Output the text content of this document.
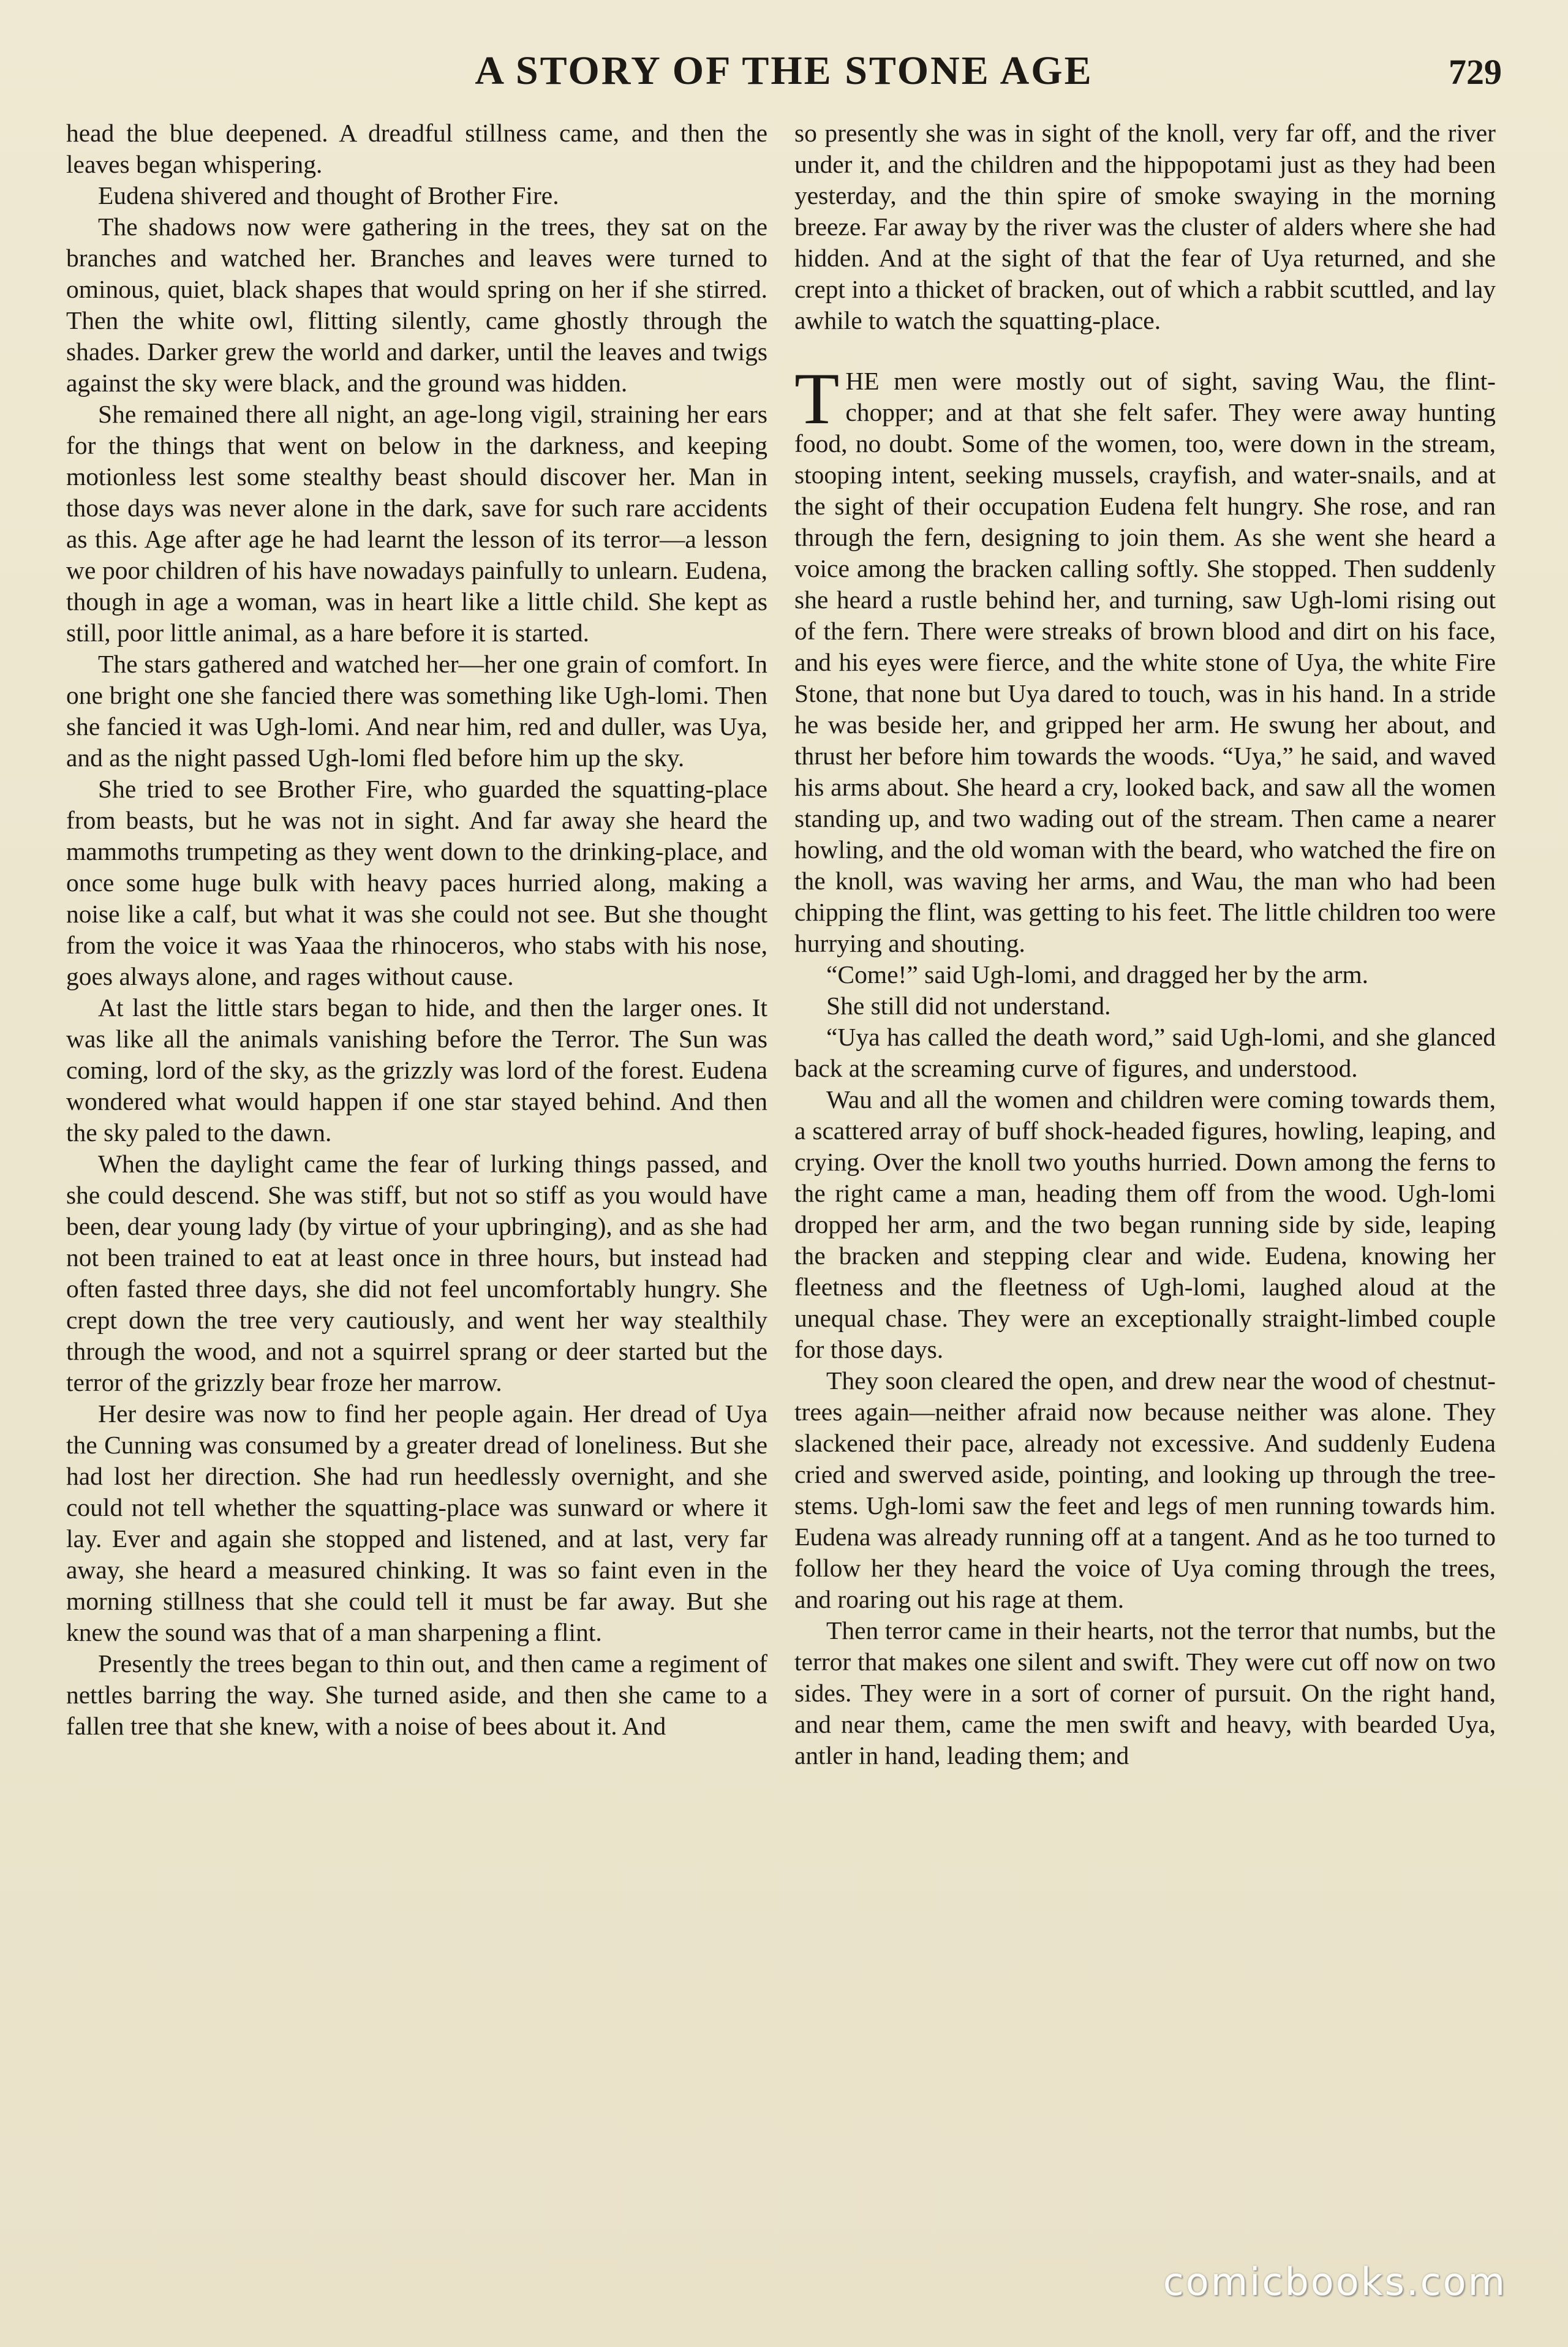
A STORY OF THE STONE AGE	729

head the blue deepened. A dreadful stillness came, and then the leaves began whispering.

Eudena shivered and thought of Brother Fire.

The shadows now were gathering in the trees, they sat on the branches and watched her. Branches and leaves were turned to ominous, quiet, black shapes that would spring on her if she stirred. Then the white owl, flitting silently, came ghostly through the shades. Darker grew the world and darker, until the leaves and twigs against the sky were black, and the ground was hidden.

She remained there all night, an age-long vigil, straining her ears for the things that went on below in the darkness, and keeping motionless lest some stealthy beast should discover her. Man in those days was never alone in the dark, save for such rare accidents as this. Age after age he had learnt the lesson of its terror—a lesson we poor children of his have nowadays painfully to unlearn. Eudena, though in age a woman, was in heart like a little child. She kept as still, poor little animal, as a hare before it is started.

The stars gathered and watched her—her one grain of comfort. In one bright one she fancied there was something like Ugh-lomi. Then she fancied it was Ugh-lomi. And near him, red and duller, was Uya, and as the night passed Ugh-lomi fled before him up the sky.

She tried to see Brother Fire, who guarded the squatting-place from beasts, but he was not in sight. And far away she heard the mammoths trumpeting as they went down to the drinking-place, and once some huge bulk with heavy paces hurried along, making a noise like a calf, but what it was she could not see. But she thought from the voice it was Yaaa the rhinoceros, who stabs with his nose, goes always alone, and rages without cause.

At last the little stars began to hide, and then the larger ones. It was like all the animals vanishing before the Terror. The Sun was coming, lord of the sky, as the grizzly was lord of the forest. Eudena wondered what would happen if one star stayed behind. And then the sky paled to the dawn.

When the daylight came the fear of lurking things passed, and she could descend. She was stiff, but not so stiff as you would have been, dear young lady (by virtue of your upbringing), and as she had not been trained to eat at least once in three hours, but instead had often fasted three days, she did not feel uncomfortably hungry. She crept down the tree very cautiously, and went her way stealthily through the wood, and not a squirrel sprang or deer started but the terror of the grizzly bear froze her marrow.

Her desire was now to find her people again. Her dread of Uya the Cunning was consumed by a greater dread of loneliness. But she had lost her direction. She had run heedlessly overnight, and she could not tell whether the squatting-place was sunward or where it lay. Ever and again she stopped and listened, and at last, very far away, she heard a measured chinking. It was so faint even in the morning stillness that she could tell it must be far away. But she knew the sound was that of a man sharpening a flint.

Presently the trees began to thin out, and then came a regiment of nettles barring the way. She turned aside, and then she came to a fallen tree that she knew, with a noise of bees about it. And

so presently she was in sight of the knoll, very far off, and the river under it, and the children and the hippopotami just as they had been yesterday, and the thin spire of smoke swaying in the morning breeze. Far away by the river was the cluster of alders where she had hidden. And at the sight of that the fear of Uya returned, and she crept into a thicket of bracken, out of which a rabbit scuttled, and lay awhile to watch the squatting-place.

THE men were mostly out of sight, saving Wau, the flint-chopper; and at that she felt safer. They were away hunting food, no doubt. Some of the women, too, were down in the stream, stooping intent, seeking mussels, crayfish, and water-snails, and at the sight of their occupation Eudena felt hungry. She rose, and ran through the fern, designing to join them. As she went she heard a voice among the bracken calling softly. She stopped. Then suddenly she heard a rustle behind her, and turning, saw Ugh-lomi rising out of the fern. There were streaks of brown blood and dirt on his face, and his eyes were fierce, and the white stone of Uya, the white Fire Stone, that none but Uya dared to touch, was in his hand. In a stride he was beside her, and gripped her arm. He swung her about, and thrust her before him towards the woods. “Uya,” he said, and waved his arms about. She heard a cry, looked back, and saw all the women standing up, and two wading out of the stream. Then came a nearer howling, and the old woman with the beard, who watched the fire on the knoll, was waving her arms, and Wau, the man who had been chipping the flint, was getting to his feet. The little children too were hurrying and shouting.

“Come!” said Ugh-lomi, and dragged her by the arm.

She still did not understand.

“Uya has called the death word,” said Ugh-lomi, and she glanced back at the screaming curve of figures, and understood.

Wau and all the women and children were coming towards them, a scattered array of buff shock-headed figures, howling, leaping, and crying. Over the knoll two youths hurried. Down among the ferns to the right came a man, heading them off from the wood. Ugh-lomi dropped her arm, and the two began running side by side, leaping the bracken and stepping clear and wide. Eudena, knowing her fleetness and the fleetness of Ugh-lomi, laughed aloud at the unequal chase. They were an exceptionally straight-limbed couple for those days.

They soon cleared the open, and drew near the wood of chestnut-trees again—neither afraid now because neither was alone. They slackened their pace, already not excessive. And suddenly Eudena cried and swerved aside, pointing, and looking up through the tree-stems. Ugh-lomi saw the feet and legs of men running towards him. Eudena was already running off at a tangent. And as he too turned to follow her they heard the voice of Uya coming through the trees, and roaring out his rage at them.

Then terror came in their hearts, not the terror that numbs, but the terror that makes one silent and swift. They were cut off now on two sides. They were in a sort of corner of pursuit. On the right hand, and near them, came the men swift and heavy, with bearded Uya, antler in hand, leading them; and

comicbooks.com
